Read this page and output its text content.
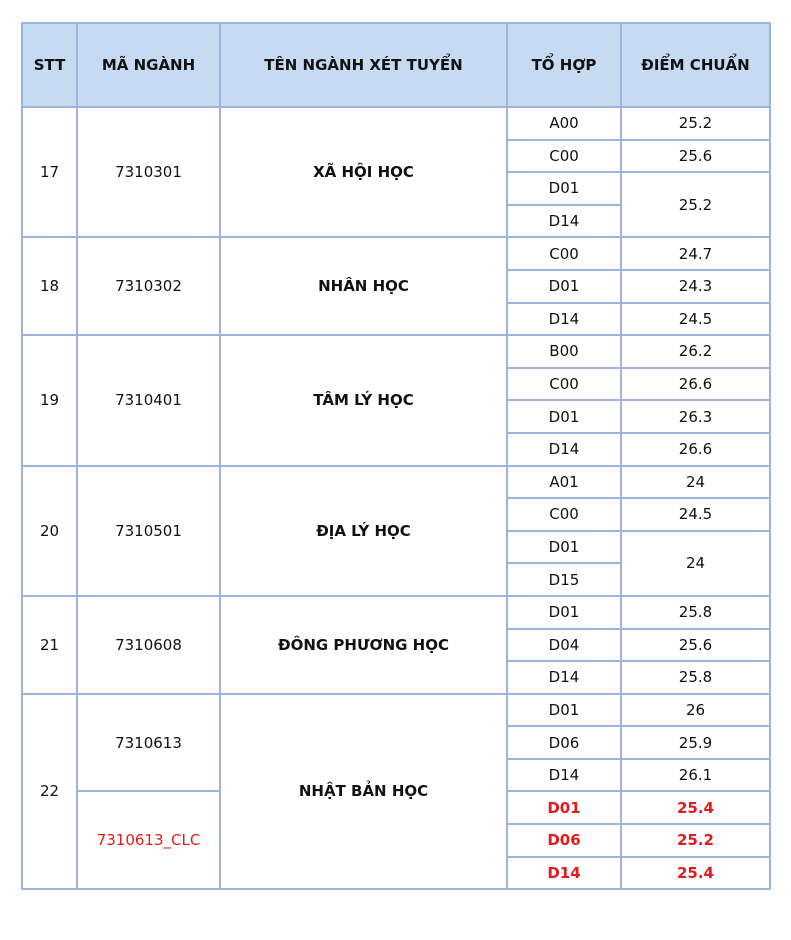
STT	MÃ NGÀNH	TÊN NGÀNH XÉT TUYỂN	TỔ HỢP	ĐIỂM CHUẨN
17	7310301	XÃ HỘI HỌC	A00	25.2
			C00	25.6
			D01	25.2
			D14	
18	7310302	NHÂN HỌC	C00	24.7
			D01	24.3
			D14	24.5
19	7310401	TÂM LÝ HỌC	B00	26.2
			C00	26.6
			D01	26.3
			D14	26.6
20	7310501	ĐỊA LÝ HỌC	A01	24
			C00	24.5
			D01	24
			D15	
21	7310608	ĐÔNG PHƯƠNG HỌC	D01	25.8
			D04	25.6
			D14	25.8
22	7310613	NHẬT BẢN HỌC	D01	26
			D06	25.9
			D14	26.1
	7310613_CLC		D01	25.4
			D06	25.2
			D14	25.4
